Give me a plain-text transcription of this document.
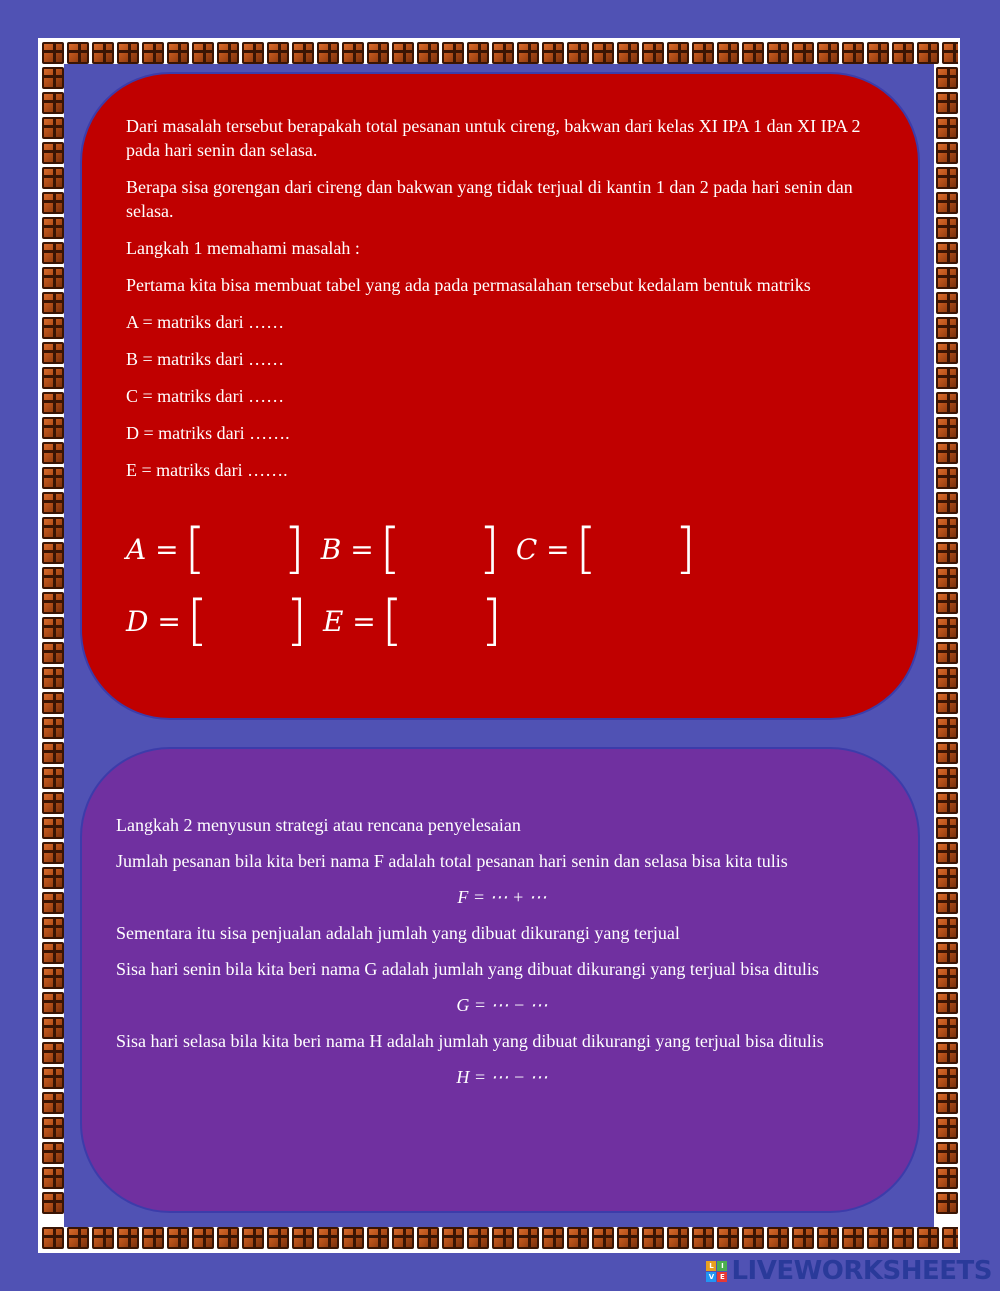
Dari masalah tersebut berapakah total pesanan untuk cireng, bakwan dari kelas XI IPA 1 dan XI IPA 2 pada hari senin dan selasa.

Berapa sisa gorengan dari cireng dan bakwan yang tidak terjual di kantin 1 dan 2 pada hari senin dan selasa.

Langkah 1 memahami masalah :

Pertama kita bisa membuat tabel yang ada pada permasalahan tersebut kedalam bentuk matriks

A = matriks dari ……

B = matriks dari ……

C = matriks dari ……

D = matriks dari …….

E = matriks dari …….

A = [ ] B = [ ] C = [ ]
D = [ ] E = [ ]

Langkah 2 menyusun strategi atau rencana penyelesaian

Jumlah pesanan bila kita beri nama F adalah total pesanan hari senin dan selasa bisa kita tulis

F = ⋯ + ⋯

Sementara itu sisa penjualan adalah jumlah yang dibuat dikurangi yang terjual

Sisa hari senin bila kita beri nama G adalah jumlah yang dibuat dikurangi yang terjual bisa ditulis

G = ⋯ − ⋯

Sisa hari selasa bila kita beri nama H adalah jumlah yang dibuat dikurangi yang terjual bisa ditulis

H = ⋯ − ⋯

L	I
V E LIVEWORKSHEETS
